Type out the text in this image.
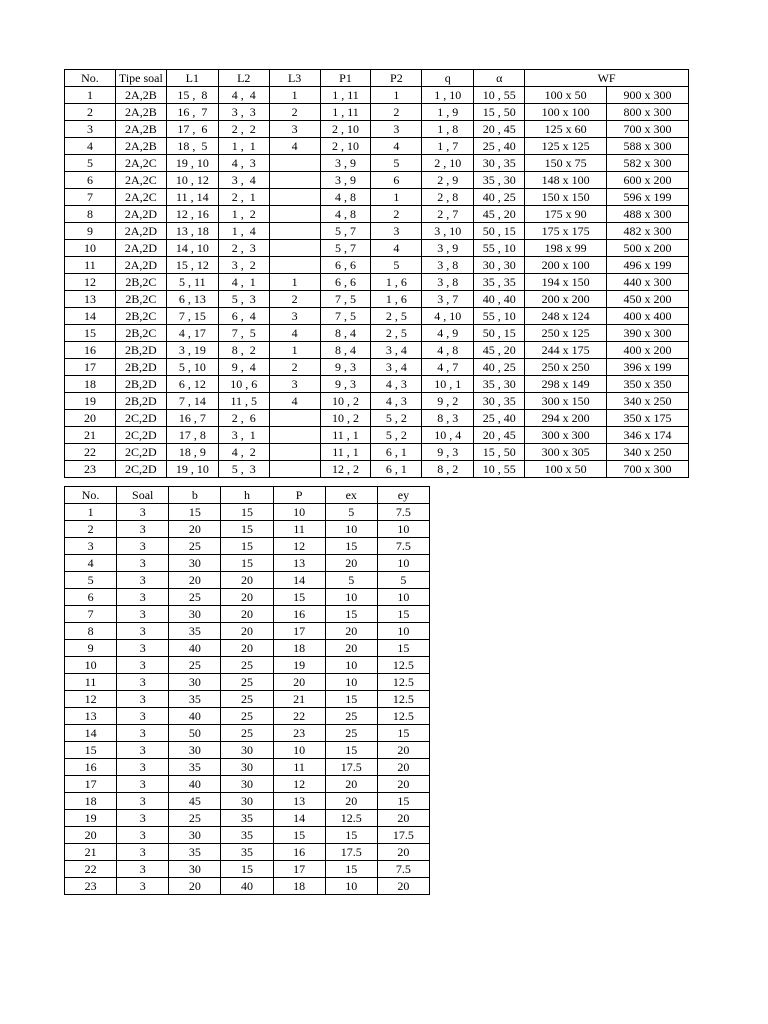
No.	Tipe soal	L1	L2	L3	P1	P2	q	α	WF	
1	2A,2B	15 ,  8	4 ,  4	1	1 , 11	1	1 , 10	10 , 55	100 x 50	900 x 300
2	2A,2B	16 ,  7	3 ,  3	2	1 , 11	2	1 , 9	15 , 50	100 x 100	800 x 300
3	2A,2B	17 ,  6	2 ,  2	3	2 , 10	3	1 , 8	20 , 45	125 x 60	700 x 300
4	2A,2B	18 ,  5	1 ,  1	4	2 , 10	4	1 , 7	25 , 40	125 x 125	588 x 300
5	2A,2C	19 , 10	4 ,  3		3 , 9	5	2 , 10	30 , 35	150 x 75	582 x 300
6	2A,2C	10 , 12	3 ,  4		3 , 9	6	2 , 9	35 , 30	148 x 100	600 x 200
7	2A,2C	11 , 14	2 ,  1		4 , 8	1	2 , 8	40 , 25	150 x 150	596 x 199
8	2A,2D	12 , 16	1 ,  2		4 , 8	2	2 , 7	45 , 20	175 x 90	488 x 300
9	2A,2D	13 , 18	1 ,  4		5 , 7	3	3 , 10	50 , 15	175 x 175	482 x 300
10	2A,2D	14 , 10	2 ,  3		5 , 7	4	3 , 9	55 , 10	198 x 99	500 x 200
11	2A,2D	15 , 12	3 ,  2		6 , 6	5	3 , 8	30 , 30	200 x 100	496 x 199
12	2B,2C	5 , 11	4 ,  1	1	6 , 6	1 , 6	3 , 8	35 , 35	194 x 150	440 x 300
13	2B,2C	6 , 13	5 ,  3	2	7 , 5	1 , 6	3 , 7	40 , 40	200 x 200	450 x 200
14	2B,2C	7 , 15	6 ,  4	3	7 , 5	2 , 5	4 , 10	55 , 10	248 x 124	400 x 400
15	2B,2C	4 , 17	7 ,  5	4	8 , 4	2 , 5	4 , 9	50 , 15	250 x 125	390 x 300
16	2B,2D	3 , 19	8 ,  2	1	8 , 4	3 , 4	4 , 8	45 , 20	244 x 175	400 x 200
17	2B,2D	5 , 10	9 ,  4	2	9 , 3	3 , 4	4 , 7	40 , 25	250 x 250	396 x 199
18	2B,2D	6 , 12	10 , 6	3	9 , 3	4 , 3	10 , 1	35 , 30	298 x 149	350 x 350
19	2B,2D	7 , 14	11 , 5	4	10 , 2	4 , 3	9 , 2	30 , 35	300 x 150	340 x 250
20	2C,2D	16 , 7	2 ,  6		10 , 2	5 , 2	8 , 3	25 , 40	294 x 200	350 x 175
21	2C,2D	17 , 8	3 ,  1		11 , 1	5 , 2	10 , 4	20 , 45	300 x 300	346 x 174
22	2C,2D	18 , 9	4 ,  2		11 , 1	6 , 1	9 , 3	15 , 50	300 x 305	340 x 250
23	2C,2D	19 , 10	5 ,  3		12 , 2	6 , 1	8 , 2	10 , 55	100 x 50	700 x 300
No.	Soal	b	h	P	ex	ey
1	3	15	15	10	5	7.5
2	3	20	15	11	10	10
3	3	25	15	12	15	7.5
4	3	30	15	13	20	10
5	3	20	20	14	5	5
6	3	25	20	15	10	10
7	3	30	20	16	15	15
8	3	35	20	17	20	10
9	3	40	20	18	20	15
10	3	25	25	19	10	12.5
11	3	30	25	20	10	12.5
12	3	35	25	21	15	12.5
13	3	40	25	22	25	12.5
14	3	50	25	23	25	15
15	3	30	30	10	15	20
16	3	35	30	11	17.5	20
17	3	40	30	12	20	20
18	3	45	30	13	20	15
19	3	25	35	14	12.5	20
20	3	30	35	15	15	17.5
21	3	35	35	16	17.5	20
22	3	30	15	17	15	7.5
23	3	20	40	18	10	20
